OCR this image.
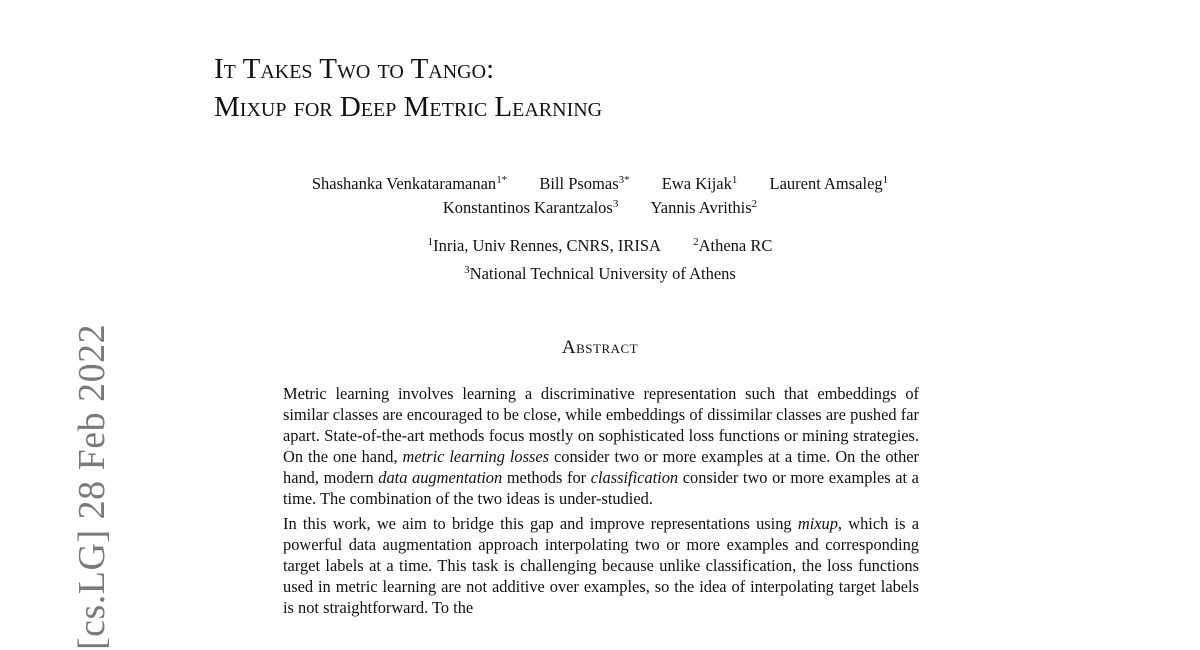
[cs.LG] 28 Feb 2022
It Takes Two to Tango:
Mixup for Deep Metric Learning
Shashanka Venkataramanan$^{1*}$ Bill Psomas$^{3*}$ Ewa Kijak$^1$ Laurent Amsaleg$^1$
Konstantinos Karantzalos$^3$ Yannis Avrithis$^2$
$^1$Inria, Univ Rennes, CNRS, IRISA	$^2$Athena RC
$^3$National Technical University of Athens
Abstract

Metric learning involves learning a discriminative representation such that embeddings of similar classes are encouraged to be close, while embeddings of dissimilar classes are pushed far apart. State-of-the-art methods focus mostly on sophisticated loss functions or mining strategies. On the one hand, metric learning losses consider two or more examples at a time. On the other hand, modern data augmentation methods for classification consider two or more examples at a time. The combination of the two ideas is under-studied.

In this work, we aim to bridge this gap and improve representations using mixup, which is a powerful data augmentation approach interpolating two or more examples and corresponding target labels at a time. This task is challenging because unlike classification, the loss functions used in metric learning are not additive over examples, so the idea of interpolating target labels is not straightforward. To the
